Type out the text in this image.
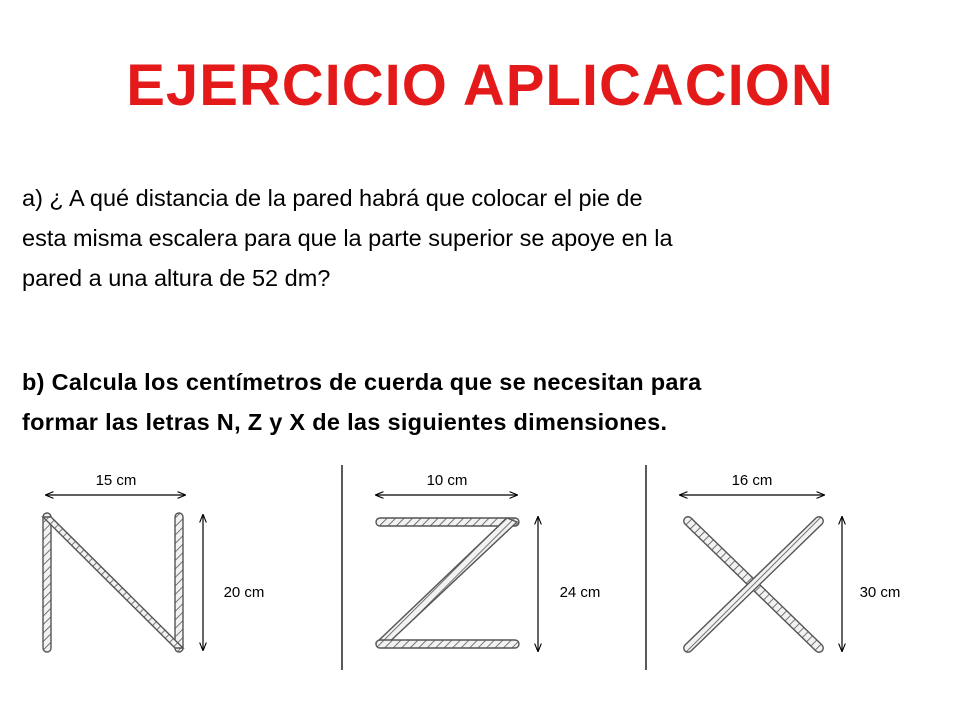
EJERCICIO APLICACION
a) ¿ A qué distancia de la pared habrá que colocar el pie de
esta misma escalera para que la parte superior se apoye en la
pared a una altura de 52 dm?
b) Calcula los centímetros de cuerda que se necesitan para
formar las letras N, Z y X de las siguientes dimensiones.
15 cm
20 cm
10 cm
24 cm
16 cm
30 cm
